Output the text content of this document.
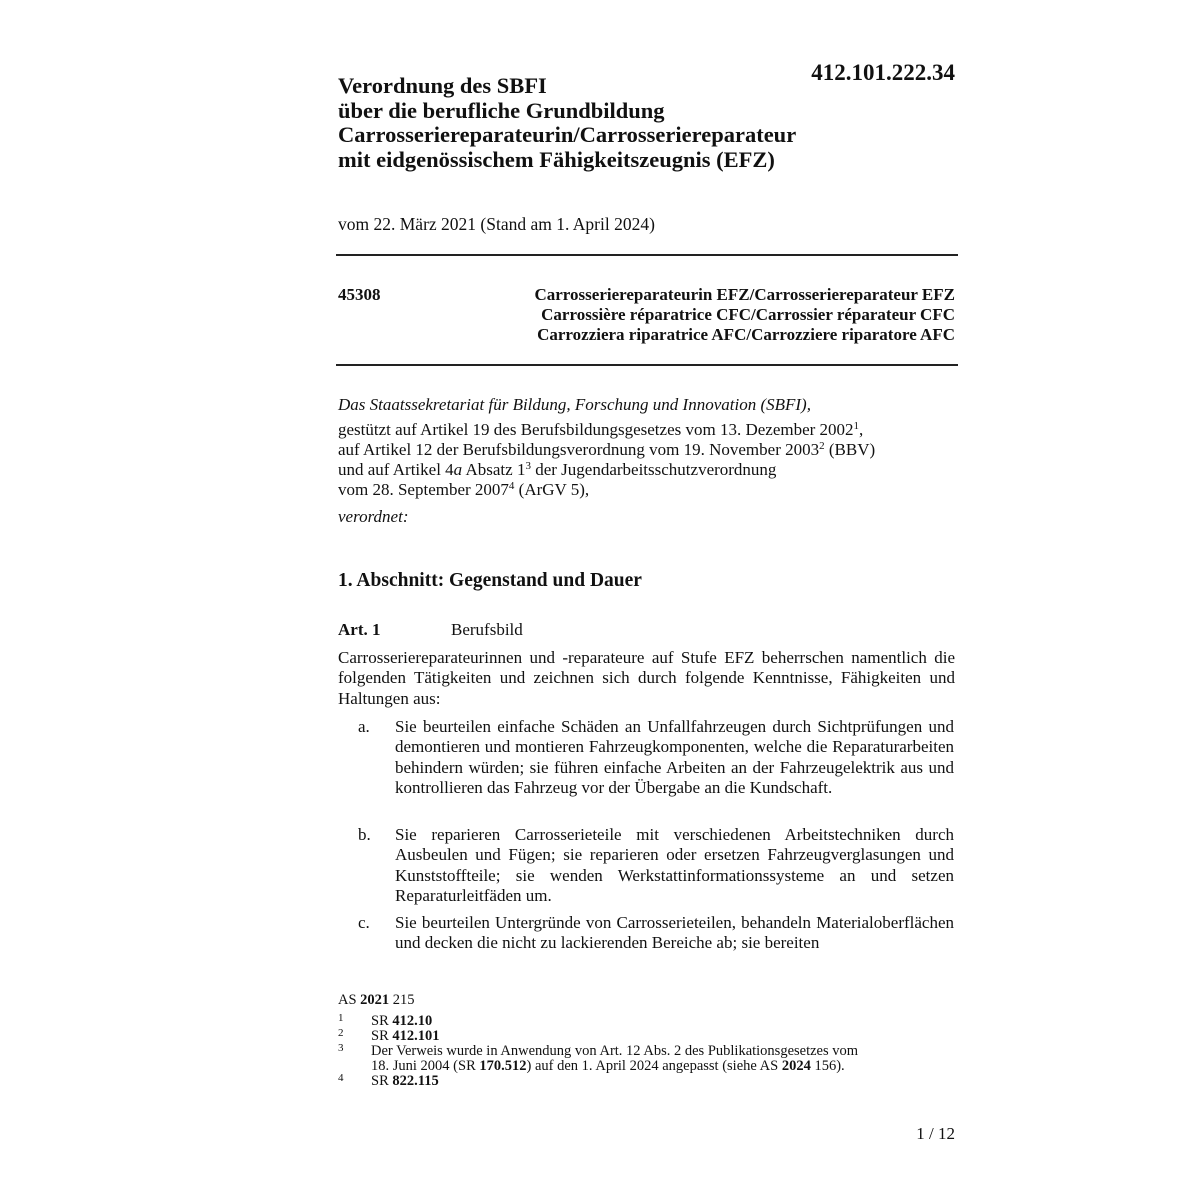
412.101.222.34
Verordnung des SBFI
über die berufliche Grundbildung
Carrosseriereparateurin/Carrosseriereparateur
mit eidgenössischem Fähigkeitszeugnis (EFZ)
vom 22. März 2021 (Stand am 1. April 2024)
45308	Carrosseriereparateurin EFZ/Carrosseriereparateur EFZ
Carrossière réparatrice CFC/Carrossier réparateur CFC
Carrozziera riparatrice AFC/Carrozziere riparatore AFC
Das Staatssekretariat für Bildung, Forschung und Innovation (SBFI),
gestützt auf Artikel 19 des Berufsbildungsgesetzes vom 13. Dezember 2002$^1$,
auf Artikel 12 der Berufsbildungsverordnung vom 19. November 2003$^2$ (BBV)
und auf Artikel 4a Absatz $1^3$ der Jugendarbeitsschutzverordnung
vom 28. September 2007$^4$ (ArGV 5),
verordnet:
1. Abschnitt: Gegenstand und Dauer
Art. 1	Berufsbild
Carrosseriereparateurinnen und -reparateure auf Stufe EFZ beherrschen namentlich die folgenden Tätigkeiten und zeichnen sich durch folgende Kenntnisse, Fähigkeiten und Haltungen aus:
a. Sie beurteilen einfache Schäden an Unfallfahrzeugen durch Sichtprüfungen und demontieren und montieren Fahrzeugkomponenten, welche die Reparaturarbeiten behindern würden; sie führen einfache Arbeiten an der Fahrzeugelektrik aus und kontrollieren das Fahrzeug vor der Übergabe an die Kundschaft.
b. Sie reparieren Carrosserieteile mit verschiedenen Arbeitstechniken durch Ausbeulen und Fügen; sie reparieren oder ersetzen Fahrzeugverglasungen und Kunststoffteile; sie wenden Werkstattinformationssysteme an und setzen Reparaturleitfäden um.
c. Sie beurteilen Untergründe von Carrosserieteilen, behandeln Materialoberflächen und decken die nicht zu lackierenden Bereiche ab; sie bereiten
AS 2021 215
1 SR 412.10
2 SR 412.101
3 Der Verweis wurde in Anwendung von Art. 12 Abs. 2 des Publikationsgesetzes vom
18. Juni 2004 (SR 170.512) auf den 1. April 2024 angepasst (siehe AS 2024 156).
4 SR 822.115
1 / 12
